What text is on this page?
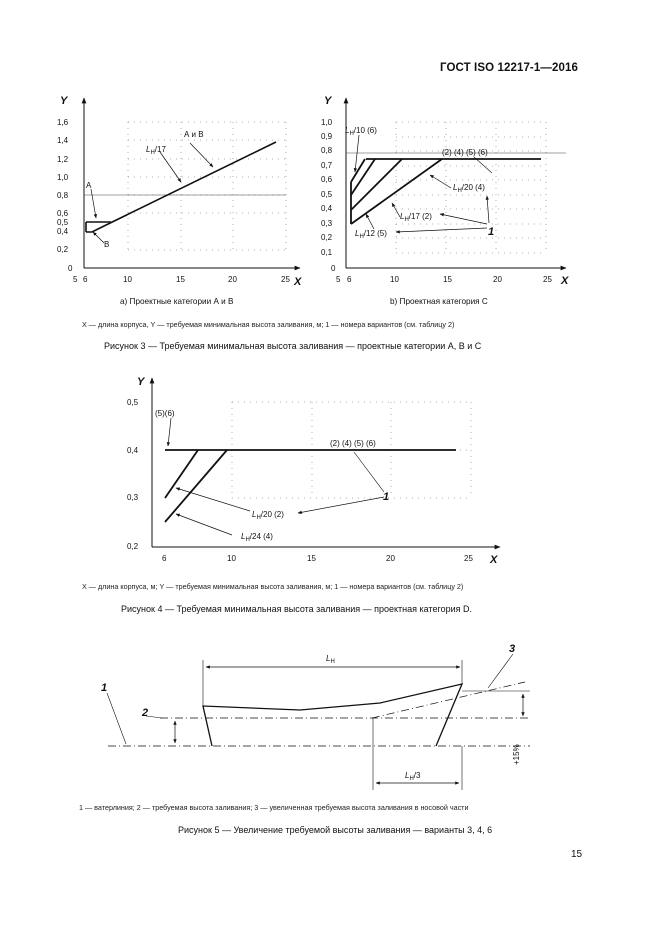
ГОСТ ISO 12217-1—2016
Y
X
1,6
1,4
1,2
1,0
0,8
0,6
0,5
0,4
0,2
0
5 6	10	15	20	25
$L_H/17$
А и В
А
В
Y
X
1,0
0,9
0,8
0,7
0,6
0,5
0,4
0,3
0,2
0,1
0
5 6	10	15	20	25
$L_H/10$ (6)
(2) (4) (5) (6)
$L_H/20$ (4)
$L_H/17$ (2)
$L_H/12$ (5)	1
Y
X
0,5
0,4
0,3
0,2
6	10	15	20	25
(5)(6)
(2) (4) (5) (6)
$L_H/20$ (2)
$L_H/24$ (4)
1
$L_H$
$L_H/3$
+15%
1
2
3
a) Проектные категории А и В	b) Проектная категория С
X — длина корпуса, Y — требуемая минимальная высота заливания, м; 1 — номера вариантов (см. таблицу 2)
Рисунок 3 — Требуемая минимальная высота заливания — проектные категории А, В и С
X — длина корпуса, м; Y — требуемая минимальная высота заливания, м; 1 — номера вариантов (см. таблицу 2)
Рисунок 4 — Требуемая минимальная высота заливания — проектная категория D.
1 — ватерлиния; 2 — требуемая высота заливания; 3 — увеличенная требуемая высота заливания в носовой части
Рисунок 5 — Увеличение требуемой высоты заливания — варианты 3, 4, 6
15
